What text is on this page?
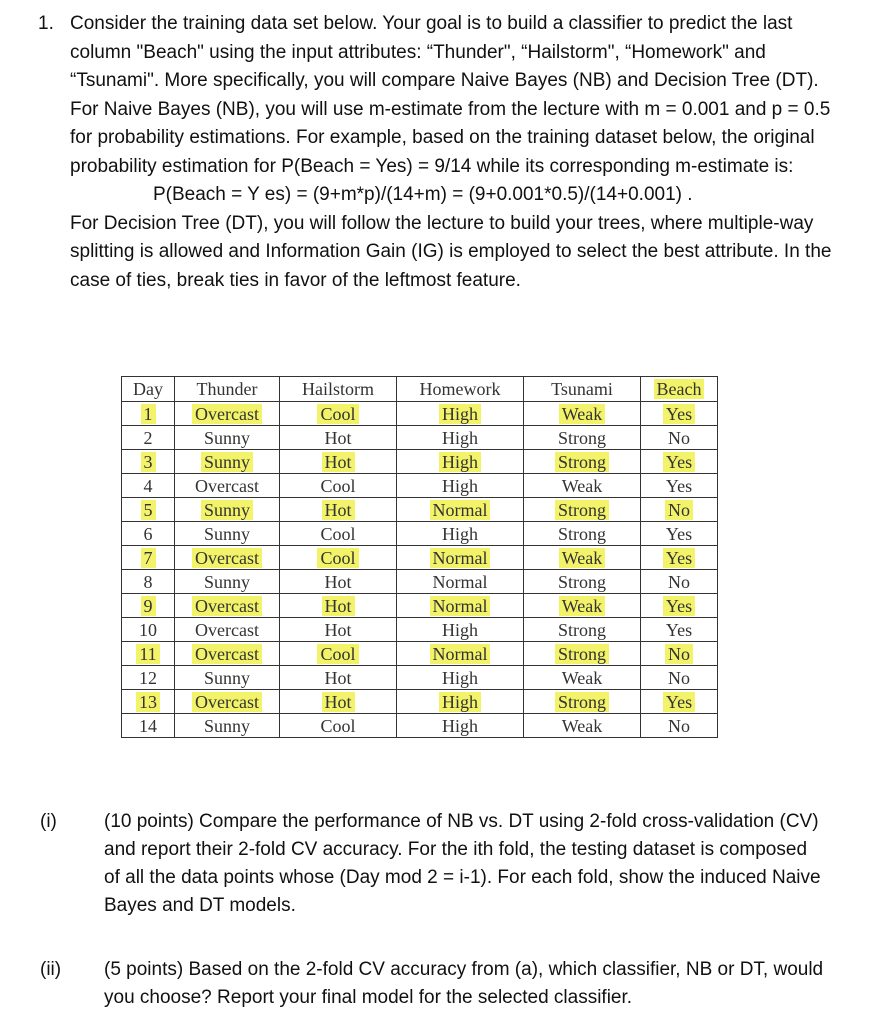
1. Consider the training data set below. Your goal is to build a classifier to predict the last column "Beach" using the input attributes: “Thunder", “Hailstorm", “Homework" and “Tsunami". More specifically, you will compare Naive Bayes (NB) and Decision Tree (DT).

For Naive Bayes (NB), you will use m-estimate from the lecture with m = 0.001 and p = 0.5 for probability estimations. For example, based on the training dataset below, the original probability estimation for P(Beach = Yes) = 9/14 while its corresponding m-estimate is:

P(Beach = Y es) = (9+m*p)/(14+m) = (9+0.001*0.5)/(14+0.001) .

For Decision Tree (DT), you will follow the lecture to build your trees, where multiple-way splitting is allowed and Information Gain (IG) is employed to select the best attribute. In the case of ties, break ties in favor of the leftmost feature.

Day	Thunder	Hailstorm	Homework	Tsunami	Beach
1	Overcast	Cool	High	Weak	Yes
2	Sunny	Hot	High	Strong	No
3	Sunny	Hot	High	Strong	Yes
4	Overcast	Cool	High	Weak	Yes
5	Sunny	Hot	Normal	Strong	No
6	Sunny	Cool	High	Strong	Yes
7	Overcast	Cool	Normal	Weak	Yes
8	Sunny	Hot	Normal	Strong	No
9	Overcast	Hot	Normal	Weak	Yes
10	Overcast	Hot	High	Strong	Yes
11	Overcast	Cool	Normal	Strong	No
12	Sunny	Hot	High	Weak	No
13	Overcast	Hot	High	Strong	Yes
14	Sunny	Cool	High	Weak	No
(i) (10 points) Compare the performance of NB vs. DT using 2-fold cross-validation (CV) and report their 2-fold CV accuracy. For the ith fold, the testing dataset is composed of all the data points whose (Day mod 2 = i-1). For each fold, show the induced Naive Bayes and DT models.
(ii) (5 points) Based on the 2-fold CV accuracy from (a), which classifier, NB or DT, would you choose? Report your final model for the selected classifier.
